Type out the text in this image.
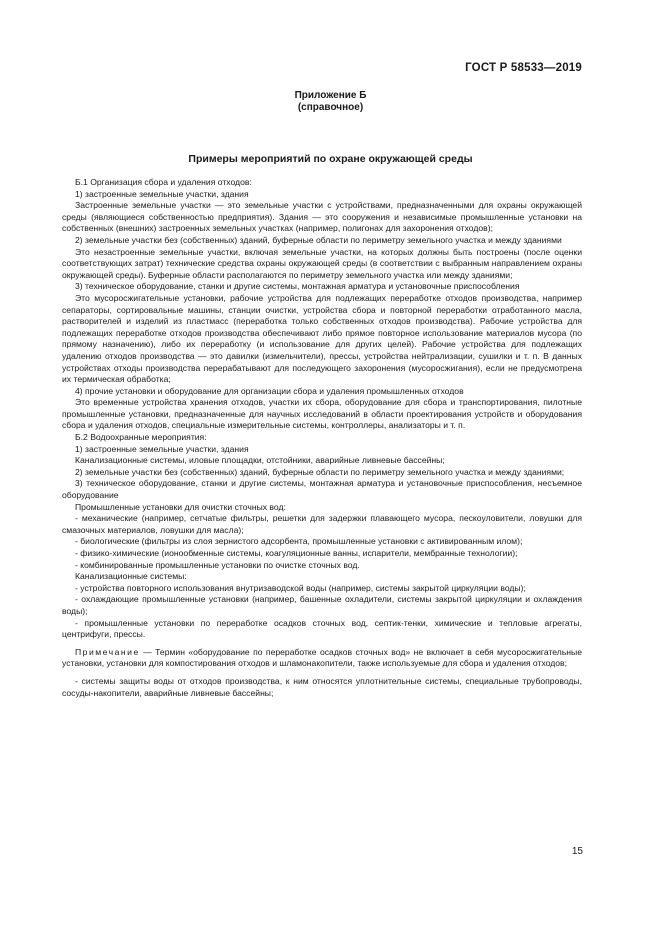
ГОСТ Р 58533—2019
Приложение Б
(справочное)
Примеры мероприятий по охране окружающей среды

Б.1 Организация сбора и удаления отходов:

1) застроенные земельные участки, здания

Застроенные земельные участки — это земельные участки с устройствами, предназначенными для охраны окружающей среды (являющиеся собственностью предприятия). Здания — это сооружения и независимые промышленные установки на собственных (внешних) застроенных земельных участках (например, полигонах для захоронения отходов);

2) земельные участки без (собственных) зданий, буферные области по периметру земельного участка и между зданиями

Это незастроенные земельные участки, включая земельные участки, на которых должны быть построены (после оценки соответствующих затрат) технические средства охраны окружающей среды (в соответствии с выбранным направлением охраны окружающей среды). Буферные области располагаются по периметру земельного участка или между зданиями;

3) техническое оборудование, станки и другие системы, монтажная арматура и установочные приспособления

Это мусоросжигательные установки, рабочие устройства для подлежащих переработке отходов производства, например сепараторы, сортировальные машины, станции очистки, устройства сбора и повторной переработки отработанного масла, растворителей и изделий из пластмасс (переработка только собственных отходов производства). Рабочие устройства для подлежащих переработке отходов производства обеспечивают либо прямое повторное использование материалов мусора (по прямому назначению), либо их переработку (и использование для других целей). Рабочие устройства для подлежащих удалению отходов производства — это давилки (измельчители), прессы, устройства нейтрализации, сушилки и т. п. В данных устройствах отходы производства перерабатывают для последующего захоронения (мусоросжигания), если не предусмотрена их термическая обработка;

4) прочие установки и оборудование для организации сбора и удаления промышленных отходов

Это временные устройства хранения отходов, участки их сбора, оборудование для сбора и транспортирования, пилотные промышленные установки, предназначенные для научных исследований в области проектирования устройств и оборудования сбора и удаления отходов, специальные измерительные системы, контроллеры, анализаторы и т. п.

Б.2 Водоохранные мероприятия:

1) застроенные земельные участки, здания

Канализационные системы, иловые площадки, отстойники, аварийные ливневые бассейны;

2) земельные участки без (собственных) зданий, буферные области по периметру земельного участка и между зданиями;

3) техническое оборудование, станки и другие системы, монтажная арматура и установочные приспособления, несъемное оборудование

Промышленные установки для очистки сточных вод:

- механические (например, сетчатые фильтры, решетки для задержки плавающего мусора, пескоуловители, ловушки для смазочных материалов, ловушки для масла);

- биологические (фильтры из слоя зернистого адсорбента, промышленные установки с активированным илом);

- физико-химические (ионообменные системы, коагуляционные ванны, испарители, мембранные технологии);

- комбинированные промышленные установки по очистке сточных вод.

Канализационные системы:

- устройства повторного использования внутризаводской воды (например, системы закрытой циркуляции воды);

- охлаждающие промышленные установки (например, башенные охладители, системы закрытой циркуляции и охлаждения воды);

- промышленные установки по переработке осадков сточных вод, септик-тенки, химические и тепловые агрегаты, центрифуги, прессы.

Примечание — Термин «оборудование по переработке осадков сточных вод» не включает в себя мусоросжигательные установки, установки для компостирования отходов и шламонакопители, также используемые для сбора и удаления отходов;

- системы защиты воды от отходов производства, к ним относятся уплотнительные системы, специальные трубопроводы, сосуды-накопители, аварийные ливневые бассейны;

15
